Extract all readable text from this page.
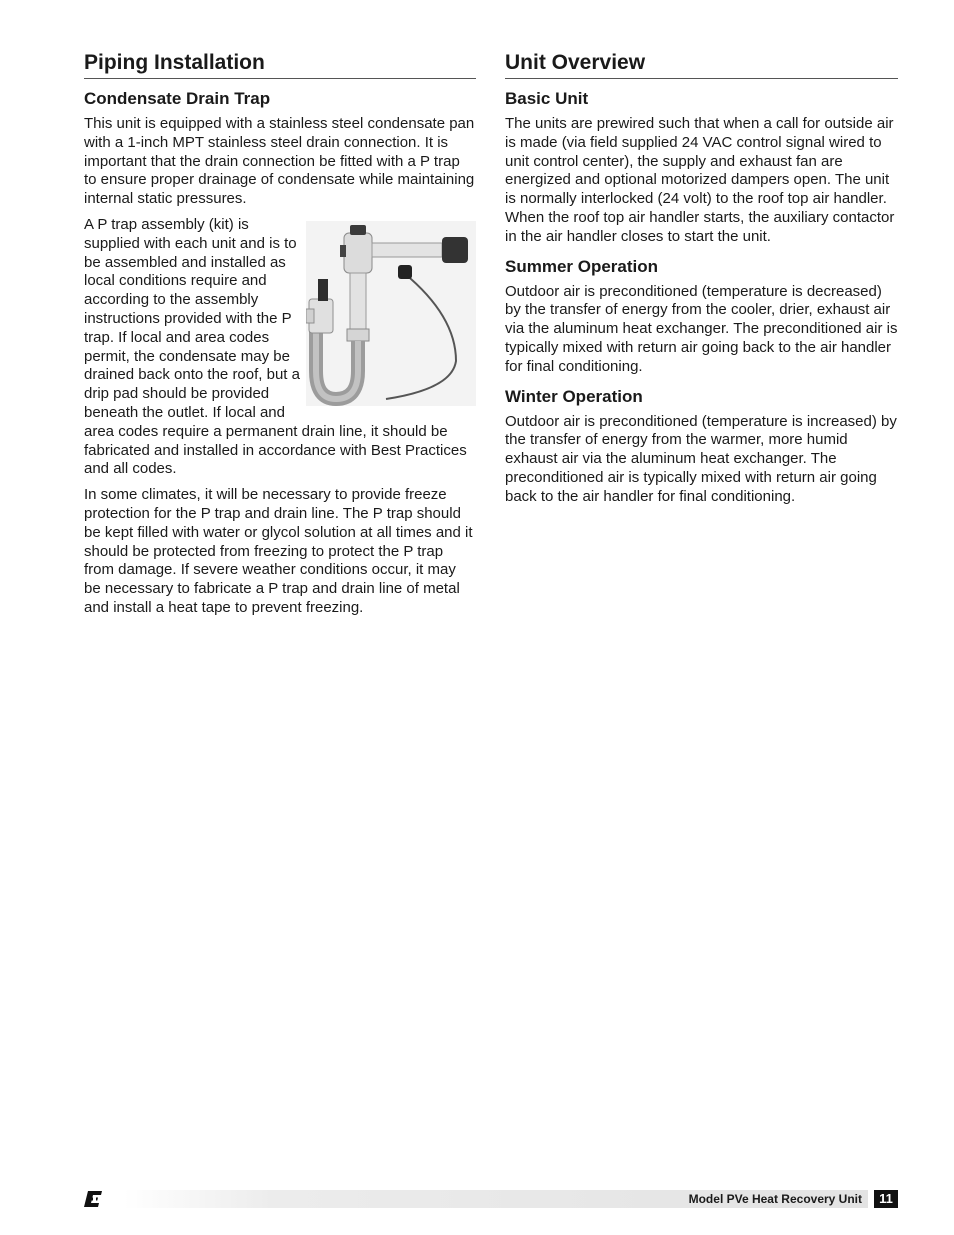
Piping Installation
Condensate Drain Trap

This unit is equipped with a stainless steel condensate pan with a 1-inch MPT stainless steel drain connection. It is important that the drain connection be fitted with a P trap to ensure proper drainage of condensate while maintaining internal static pressures.

A P trap assembly (kit) is supplied with each unit and is to be assembled and installed as local conditions require and according to the assembly instructions provided with the P trap. If local and area codes permit, the condensate may be drained back onto the roof, but a drip pad should be provided beneath the outlet. If local and area codes require a permanent drain line, it should be fabricated and installed in accordance with Best Practices and all codes.

In some climates, it will be necessary to provide freeze protection for the P trap and drain line. The P trap should be kept filled with water or glycol solution at all times and it should be protected from freezing to protect the P trap from damage. If severe weather conditions occur, it may be necessary to fabricate a P trap and drain line of metal and install a heat tape to prevent freezing.

Unit Overview
Basic Unit

The units are prewired such that when a call for outside air is made (via field supplied 24 VAC control signal wired to unit control center), the supply and exhaust fan are energized and optional motorized dampers open. The unit is normally interlocked (24 volt) to the roof top air handler. When the roof top air handler starts, the auxiliary contactor in the air handler closes to start the unit.

Summer Operation

Outdoor air is preconditioned (temperature is decreased) by the transfer of energy from the cooler, drier, exhaust air via the aluminum heat exchanger. The preconditioned air is typically mixed with return air going back to the air handler for final conditioning.

Winter Operation

Outdoor air is preconditioned (temperature is increased) by the transfer of energy from the warmer, more humid exhaust air via the aluminum heat exchanger. The preconditioned air is typically mixed with return air going back to the air handler for final conditioning.

Model PVe Heat Recovery Unit	11
